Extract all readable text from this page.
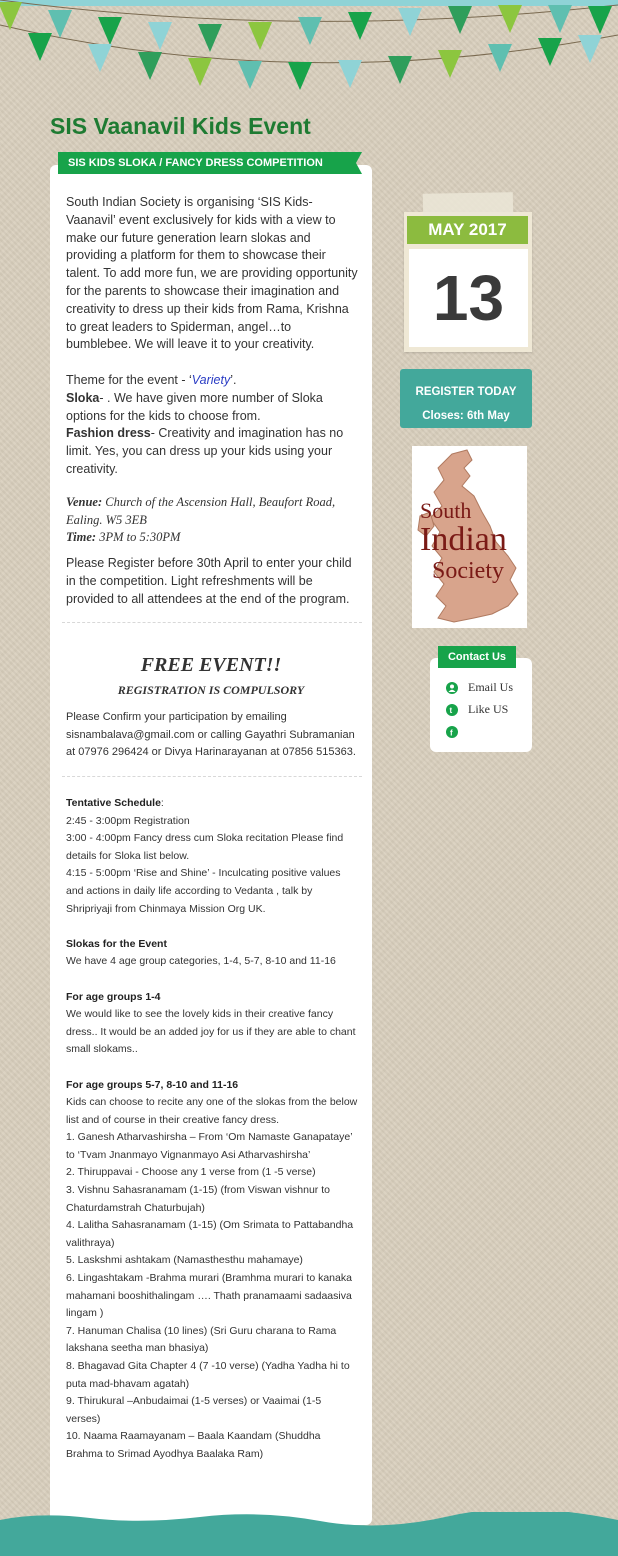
SIS Vaanavil Kids Event
SIS KIDS SLOKA / FANCY DRESS COMPETITION

South Indian Society is organising ‘SIS Kids- Vaanavil’ event exclusively for kids with a view to make our future generation learn slokas and providing a platform for them to showcase their talent. To add more fun, we are providing opportunity for the parents to showcase their imagination and creativity to dress up their kids from Rama, Krishna to great leaders to Spiderman, angel…to bumblebee. We will leave it to your creativity.

Theme for the event - ‘Variety’.
Sloka- . We have given more number of Sloka options for the kids to choose from.
Fashion dress- Creativity and imagination has no limit. Yes, you can dress up your kids using your creativity.
Venue: Church of the Ascension Hall, Beaufort Road, Ealing. W5 3EB
Time: 3PM to 5:30PM
Please Register before 30th April to enter your child in the competition. Light refreshments will be provided to all attendees at the end of the program.
FREE EVENT!!
REGISTRATION IS COMPULSORY
Please Confirm your participation by emailing sisnambalava@gmail.com or calling Gayathri Subramanian at 07976 296424 or Divya Harinarayanan at 07856 515363.
Tentative Schedule:
2:45 - 3:00pm Registration
3:00 - 4:00pm Fancy dress cum Sloka recitation Please find details for Sloka list below.
4:15 - 5:00pm ‘Rise and Shine’ - Inculcating positive values and actions in daily life according to Vedanta , talk by Shripriyaji from Chinmaya Mission Org UK.
Slokas for the Event
We have 4 age group categories, 1-4, 5-7, 8-10 and 11-16
For age groups 1-4
We would like to see the lovely kids in their creative fancy dress.. It would be an added joy for us if they are able to chant small slokams..
For age groups 5-7, 8-10 and 11-16
Kids can choose to recite any one of the slokas from the below list and of course in their creative fancy dress.
1. Ganesh Atharvashirsha – From ‘Om Namaste Ganapataye’ to ‘Tvam Jnanmayo Vignanmayo Asi Atharvashirsha’
2. Thiruppavai - Choose any 1 verse from (1 -5 verse)
3. Vishnu Sahasranamam (1-15) (from Viswan vishnur to Chaturdamstrah Chaturbujah)
4. Lalitha Sahasranamam (1-15) (Om Srimata to Pattabandha valithraya)
5. Laskshmi ashtakam (Namasthesthu mahamaye)
6. Lingashtakam -Brahma murari (Bramhma murari to kanaka mahamani booshithalingam …. Thath pranamaami sadaasiva lingam )
7. Hanuman Chalisa (10 lines) (Sri Guru charana to Rama lakshana seetha man bhasiya)
8. Bhagavad Gita Chapter 4 (7 -10 verse) (Yadha Yadha hi to puta mad-bhavam agatah)
9. Thirukural –Anbudaimai (1-5 verses) or Vaaimai (1-5 verses)
10. Naama Raamayanam – Baala Kaandam (Shuddha Brahma to Srimad Ayodhya Baalaka Ram)
MAY 2017
13
REGISTER TODAY
Closes: 6th May
South
Indian
Society
Contact Us
Email Us
t Like US
f
